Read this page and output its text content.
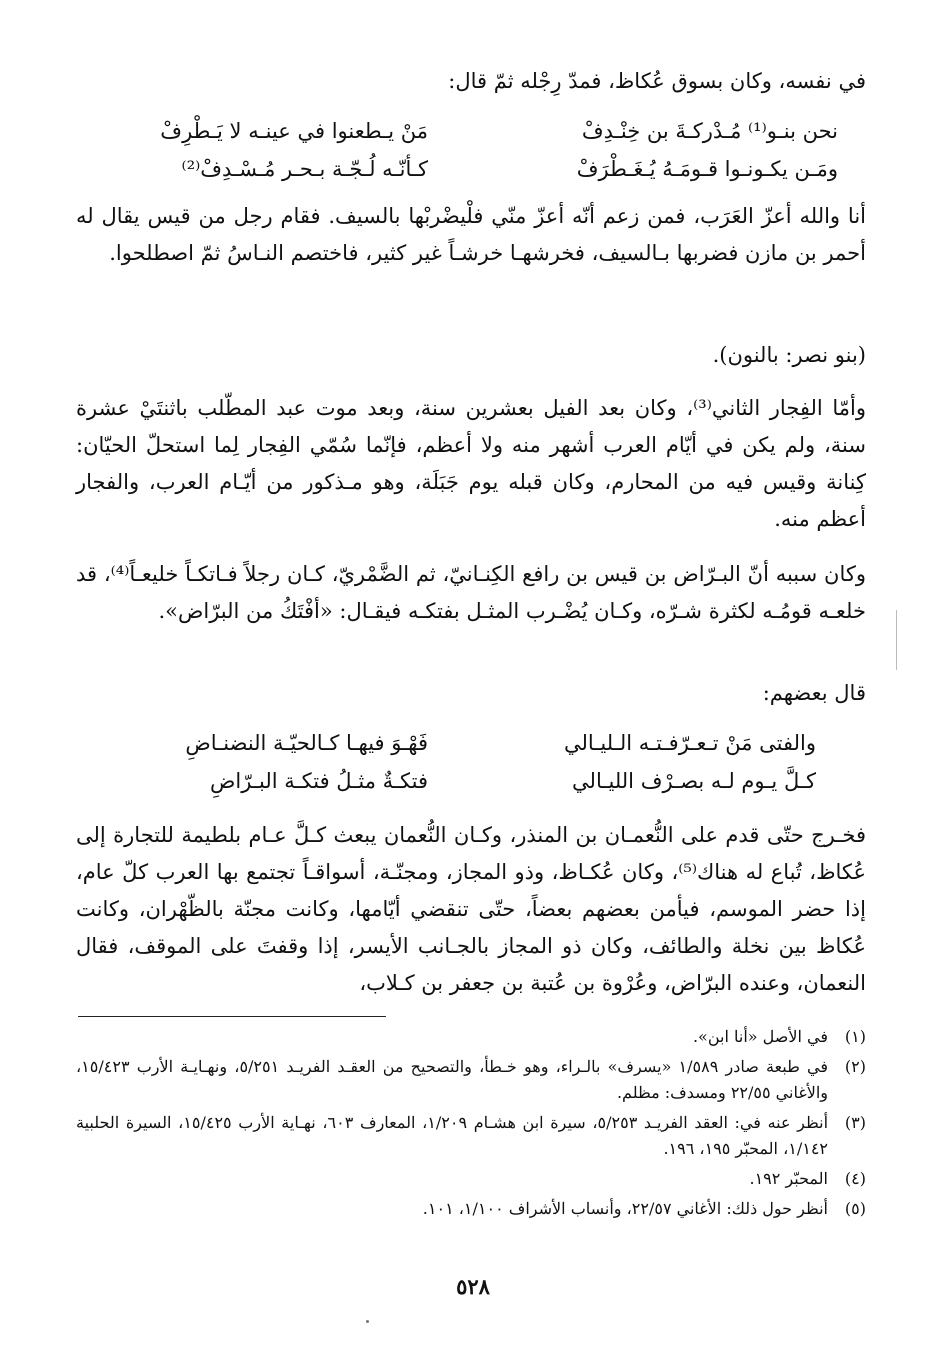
في نفسه، وكان بسوق عُكاظ، فمدّ رِجْله ثمّ قال:
نحن بنـو⁽¹⁾ مُـدْركـةَ بن خِنْـدِفْ
مَنْ يـطعنوا في عينـه لا يَـطْرِفْ
ومَـن يكـونـوا قـومَـهُ يُـغَـطْرَفْ
كـأنّـه لُـجّـة بـحـر مُـسْـدِفْ⁽²⁾
أنا والله أعزّ العَرَب، فمن زعم أنّه أعزّ منّي فلْيضْربْها بالسيف. فقام رجل من قيس يقال له أحمر بن مازن فضربها بـالسيف، فخرشهـا خرشـاً غير كثير، فاختصم النـاسُ ثمّ اصطلحوا.
(بنو نصر: بالنون).
وأمّا الفِجار الثاني⁽³⁾، وكان بعد الفيل بعشرين سنة، وبعد موت عبد المطّلب باثنتَيْ عشرة سنة، ولم يكن في أيّام العرب أشهر منه ولا أعظم، فإنّما سُمّي الفِجار لِما استحلّ الحيّان: كِنانة وقيس فيه من المحارم، وكان قبله يوم جَبَلَة، وهو مـذكور من أيّـام العرب، والفجار أعظم منه.
وكان سببه أنّ البـرّاض بن قيس بن رافع الكِنـانيّ، ثم الضَّمْريّ، كـان رجلاً فـاتكـاً خليعـاً⁽⁴⁾، قد خلعـه قومُـه لكثرة شـرّه، وكـان يُضْـرب المثـل بفتكـه فيقـال: «أفْتَكُ من البرّاض».
قال بعضهم:
والفتى مَنْ تـعـرّفـتـه الـليـالي
فَهْـوَ فيهـا كـالحيّـة النضنـاضِ
كـلَّ يـوم لـه بصـرْف الليـالي
فتكـةٌ مثـلُ فتكـة البـرّاضِ
فخـرج حتّى قدم على النُّعمـان بن المنذر، وكـان النُّعمان يبعث كـلَّ عـام بلطيمة للتجارة إلى عُكاظ، تُباع له هناك⁽⁵⁾، وكان عُكـاظ، وذو المجاز، ومجنّـة، أسواقـاً تجتمع بها العرب كلّ عام، إذا حضر الموسم، فيأمن بعضهم بعضاً، حتّى تنقضي أيّامها، وكانت مجنّة بالظّهْران، وكانت عُكاظ بين نخلة والطائف، وكان ذو المجاز بالجـانب الأيسر، إذا وقفتَ على الموقف، فقال النعمان، وعنده البرّاض، وعُرْوة بن عُتبة بن جعفر بن كـلاب،
(١)
في الأصل «أنا ابن».
(٢)
في طبعة صادر ١/٥٨٩ «يسرف» بالـراء، وهو خـطأ، والتصحيح من العقـد الفريـد ٥/٢٥١، ونهـايـة الأرب ١٥/٤٢٣، والأغاني ٢٢/٥٥ ومسدف: مظلم.
(٣)
أنظر عنه في: العقد الفريـد ٥/٢٥٣، سيرة ابن هشـام ١/٢٠٩، المعارف ٦٠٣، نهـاية الأرب ١٥/٤٢٥، السيرة الحلبية ١/١٤٢، المحبّر ١٩٥، ١٩٦.
(٤)
المحبّر ١٩٢.
(٥)
أنظر حول ذلك: الأغاني ٢٢/٥٧، وأنساب الأشراف ١/١٠٠، ١٠١.
٥٢٨
